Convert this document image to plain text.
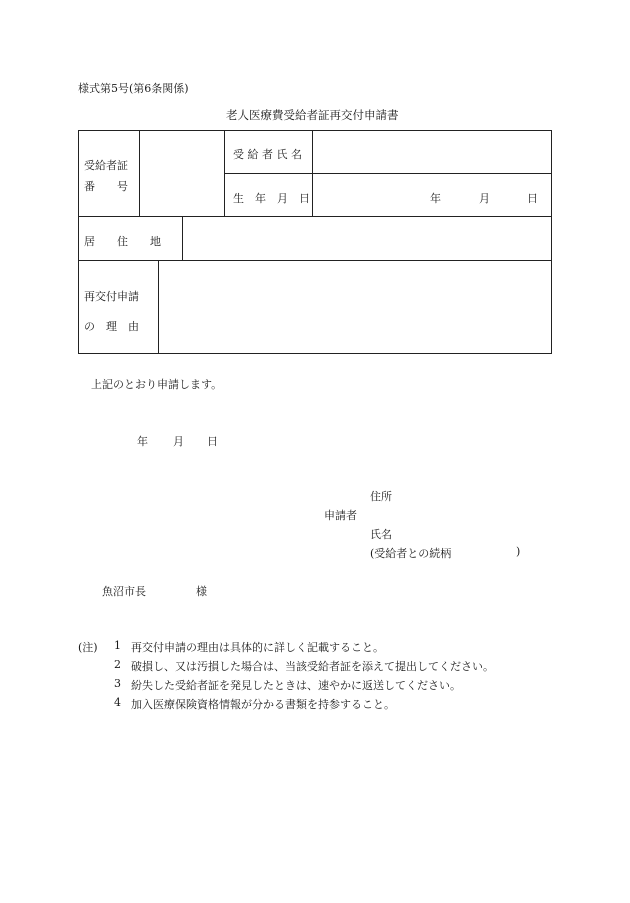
様式第5号(第6条関係)
老人医療費受給者証再交付申請書
受給者証
番　　号
受 給 者 氏 名
生　年　月　日	年	月	日
居　　住　　地
再交付申請
の　理　由
上記のとおり申請します。
年 月 日
住所
申請者
氏名
(受給者との続柄	)
魚沼市長	様
(注) 1 再交付申請の理由は具体的に詳しく記載すること。
2 破損し、又は汚損した場合は、当該受給者証を添えて提出してください。
3 紛失した受給者証を発見したときは、速やかに返送してください。
4 加入医療保険資格情報が分かる書類を持参すること。
